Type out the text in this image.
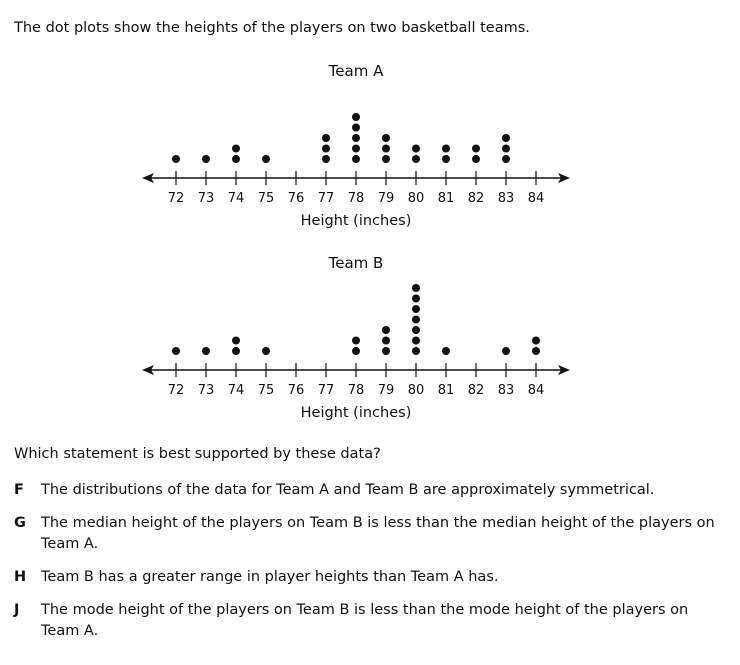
The dot plots show the heights of the players on two basketball teams.

Team A
72 73 74 75 76 77 78 79 80 81 82 83 84
Height (inches)
Team B
72 73 74 75 76 77 78 79 80 81 82 83 84
Height (inches)

Which statement is best supported by these data?

F	The distributions of the data for Team A and Team B are approximately symmetrical.
G	The median height of the players on Team B is less than the median height of the players on Team A.
H	Team B has a greater range in player heights than Team A has.
J	The mode height of the players on Team B is less than the mode height of the players on Team A.
